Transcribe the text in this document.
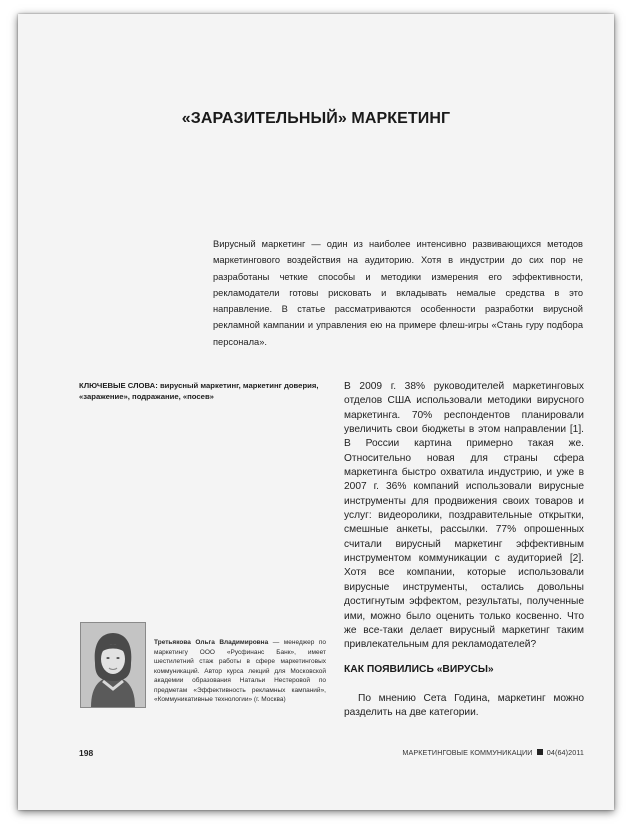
«ЗАРАЗИТЕЛЬНЫЙ» МАРКЕТИНГ
Вирусный маркетинг — один из наиболее интенсивно развивающихся методов маркетингового воздействия на аудиторию. Хотя в индустрии до сих пор не разработаны четкие способы и методики измерения его эффективности, рекламодатели готовы рисковать и вкладывать немалые средства в это направление. В статье рассматриваются особенности разработки вирусной рекламной кампании и управления ею на примере флеш-игры «Стань гуру подбора персонала».
КЛЮЧЕВЫЕ СЛОВА: вирусный маркетинг, маркетинг доверия, «заражение», подражание, «посев»

В 2009 г. 38% руководителей маркетинговых отделов США использовали методики вирусного маркетинга. 70% респондентов планировали увеличить свои бюджеты в этом направлении [1]. В России картина примерно такая же. Относительно новая для страны сфера маркетинга быстро охватила индустрию, и уже в 2007 г. 36% компаний использовали вирусные инструменты для продвижения своих товаров и услуг: видеоролики, поздравительные открытки, смешные анкеты, рассылки. 77% опрошенных считали вирусный маркетинг эффективным инструментом коммуникации с аудиторией [2]. Хотя все компании, которые использовали вирусные инструменты, остались довольны достигнутым эффектом, результаты, полученные ими, можно было оценить только косвенно. Что же все-таки делает вирусный маркетинг таким привлекательным для рекламодателей?

КАК ПОЯВИЛИСЬ «ВИРУСЫ»
По мнению Сета Година, маркетинг можно разделить на две категории.
Третьякова Ольга Владимировна — менеджер по маркетингу ООО «Русфинанс Банк», имеет шестилетний стаж работы в сфере маркетинговых коммуникаций. Автор курса лекций для Московской академии образования Натальи Нестеровой по предметам «Эффективность рекламных кампаний», «Коммуникативные технологии» (г. Москва)
198	МАРКЕТИНГОВЫЕ КОММУНИКАЦИИ 04(64)2011
